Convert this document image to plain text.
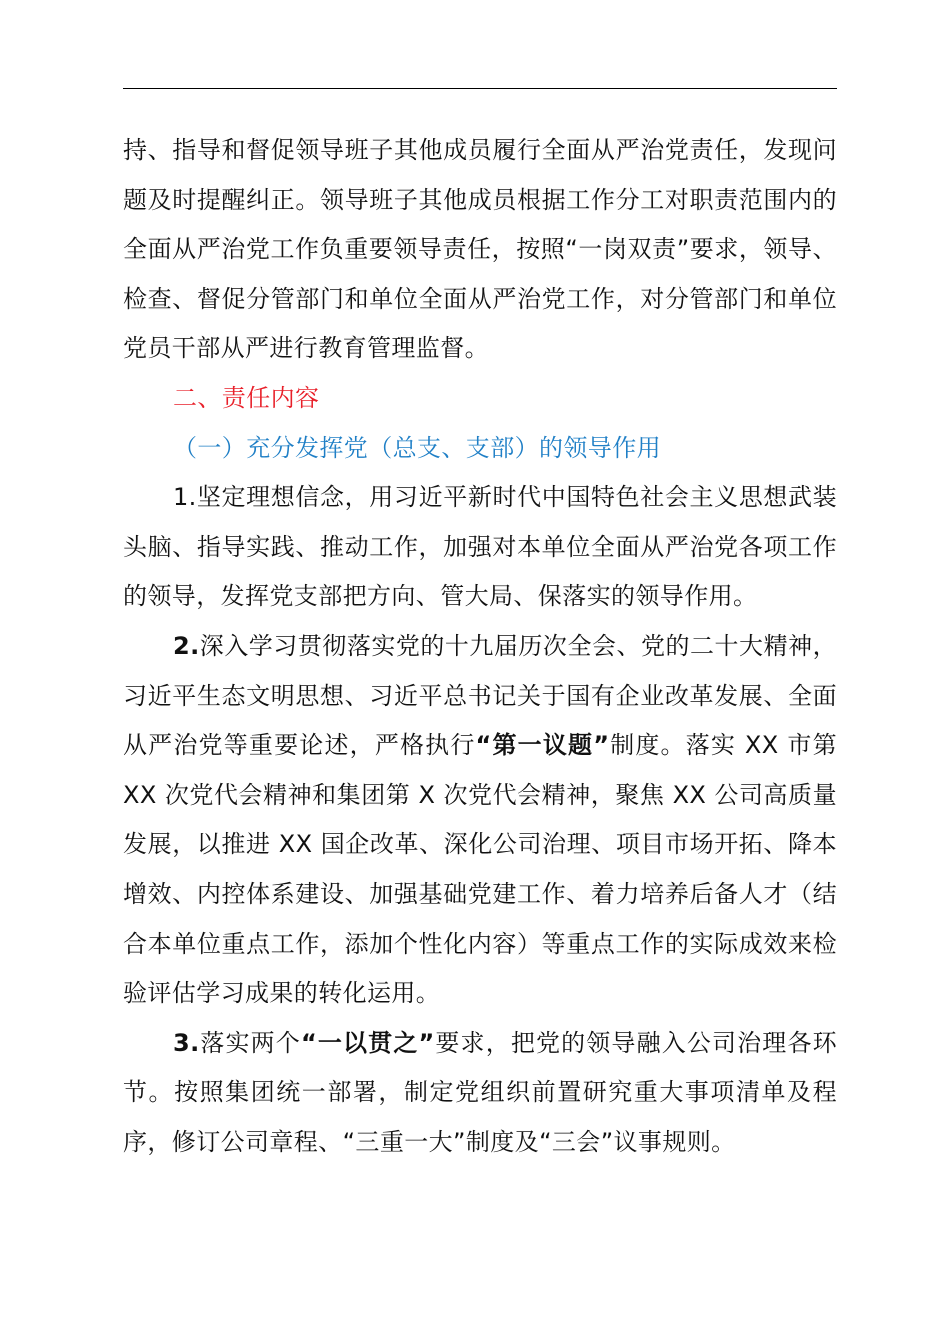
持、指导和督促领导班子其他成员履行全面从严治党责任，发现问题及时提醒纠正。领导班子其他成员根据工作分工对职责范围内的全面从严治党工作负重要领导责任，按照“一岗双责”要求，领导、检查、督促分管部门和单位全面从严治党工作，对分管部门和单位党员干部从严进行教育管理监督。

二、责任内容

（一）充分发挥党（总支、支部）的领导作用

1.坚定理想信念，用习近平新时代中国特色社会主义思想武装头脑、指导实践、推动工作，加强对本单位全面从严治党各项工作的领导，发挥党支部把方向、管大局、保落实的领导作用。

2.深入学习贯彻落实党的十九届历次全会、党的二十大精神，习近平生态文明思想、习近平总书记关于国有企业改革发展、全面从严治党等重要论述，严格执行“第一议题”制度。落实 XX 市第 XX 次党代会精神和集团第 X 次党代会精神，聚焦 XX 公司高质量发展，以推进 XX 国企改革、深化公司治理、项目市场开拓、降本增效、内控体系建设、加强基础党建工作、着力培养后备人才（结合本单位重点工作，添加个性化内容）等重点工作的实际成效来检验评估学习成果的转化运用。

3.落实两个“一以贯之”要求，把党的领导融入公司治理各环节。按照集团统一部署，制定党组织前置研究重大事项清单及程序，修订公司章程、“三重一大”制度及“三会”议事规则。
